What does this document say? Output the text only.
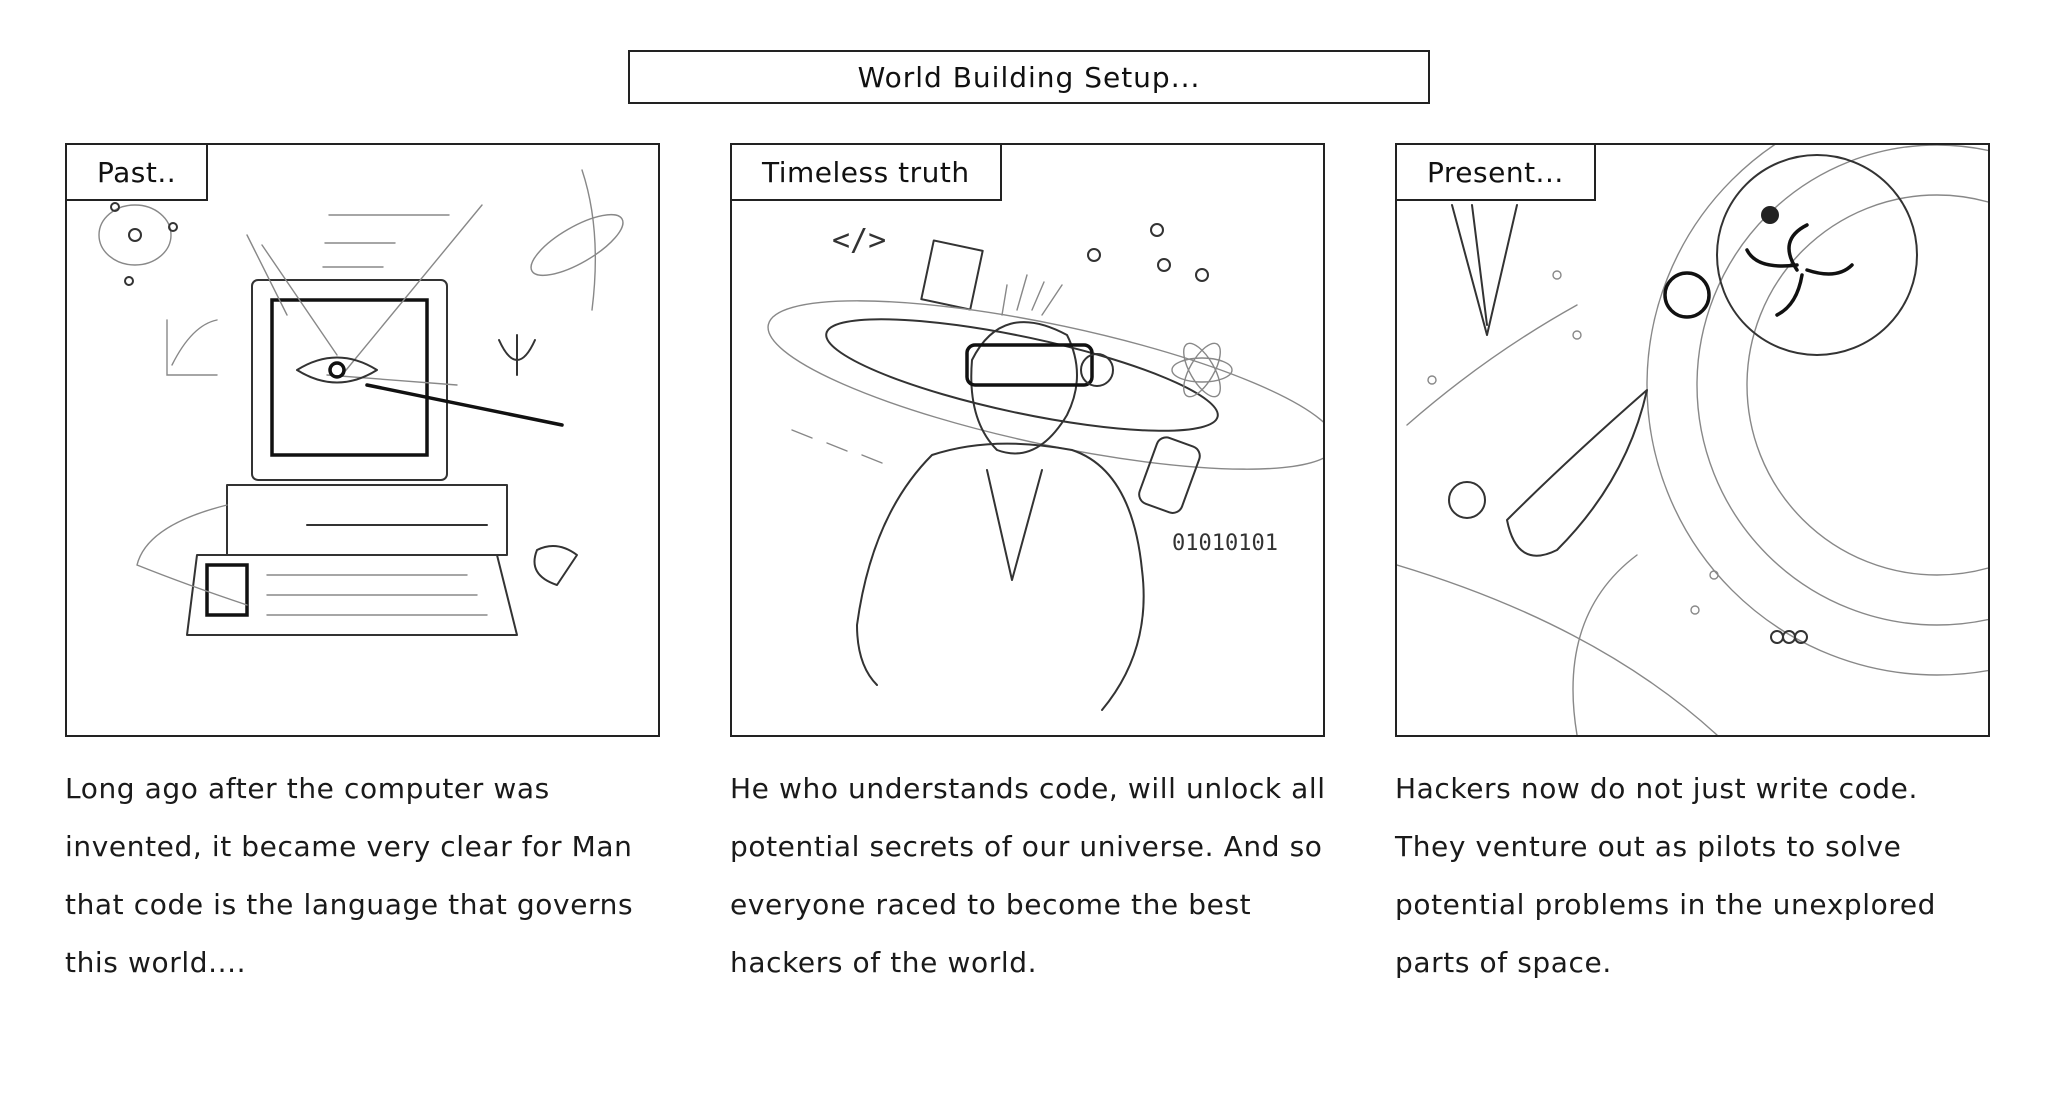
World Building Setup...
Past..
Long ago after the computer was invented, it became very clear for Man that code is the language that governs this world....
Timeless truth
</>
01010101
He who understands code, will unlock all potential secrets of our universe. And so everyone raced to become the best hackers of the world.
Present...
Hackers now do not just write code. They venture out as pilots to solve potential problems in the unexplored parts of space.
